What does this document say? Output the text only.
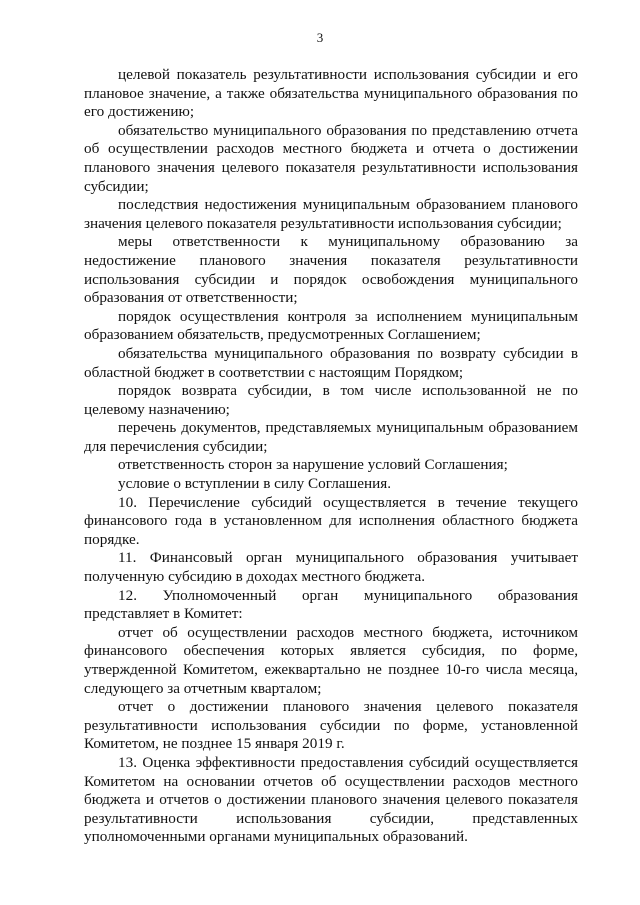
3

целевой показатель результативности использования субсидии и его плановое значение, а также обязательства муниципального образования по его достижению;

обязательство муниципального образования по представлению отчета об осуществлении расходов местного бюджета и отчета о достижении планового значения целевого показателя результативности использования субсидии;

последствия недостижения муниципальным образованием планового значения целевого показателя результативности использования субсидии;

меры ответственности к муниципальному образованию за недостижение планового значения показателя результативности использования субсидии и порядок освобождения муниципального образования от ответственности;

порядок осуществления контроля за исполнением муниципальным образованием обязательств, предусмотренных Соглашением;

обязательства муниципального образования по возврату субсидии в областной бюджет в соответствии с настоящим Порядком;

порядок возврата субсидии, в том числе использованной не по целевому назначению;

перечень документов, представляемых муниципальным образованием для перечисления субсидии;

ответственность сторон за нарушение условий Соглашения;

условие о вступлении в силу Соглашения.

10. Перечисление субсидий осуществляется в течение текущего финансового года в установленном для исполнения областного бюджета порядке.

11. Финансовый орган муниципального образования учитывает полученную субсидию в доходах местного бюджета.

12. Уполномоченный орган муниципального образования представляет в Комитет:

отчет об осуществлении расходов местного бюджета, источником финансового обеспечения которых является субсидия, по форме, утвержденной Комитетом, ежеквартально не позднее 10-го числа месяца, следующего за отчетным кварталом;

отчет о достижении планового значения целевого показателя результативности использования субсидии по форме, установленной Комитетом, не позднее 15 января 2019 г.

13. Оценка эффективности предоставления субсидий осуществляется Комитетом на основании отчетов об осуществлении расходов местного бюджета и отчетов о достижении планового значения целевого показателя результативности использования субсидии, представленных уполномоченными органами муниципальных образований.
